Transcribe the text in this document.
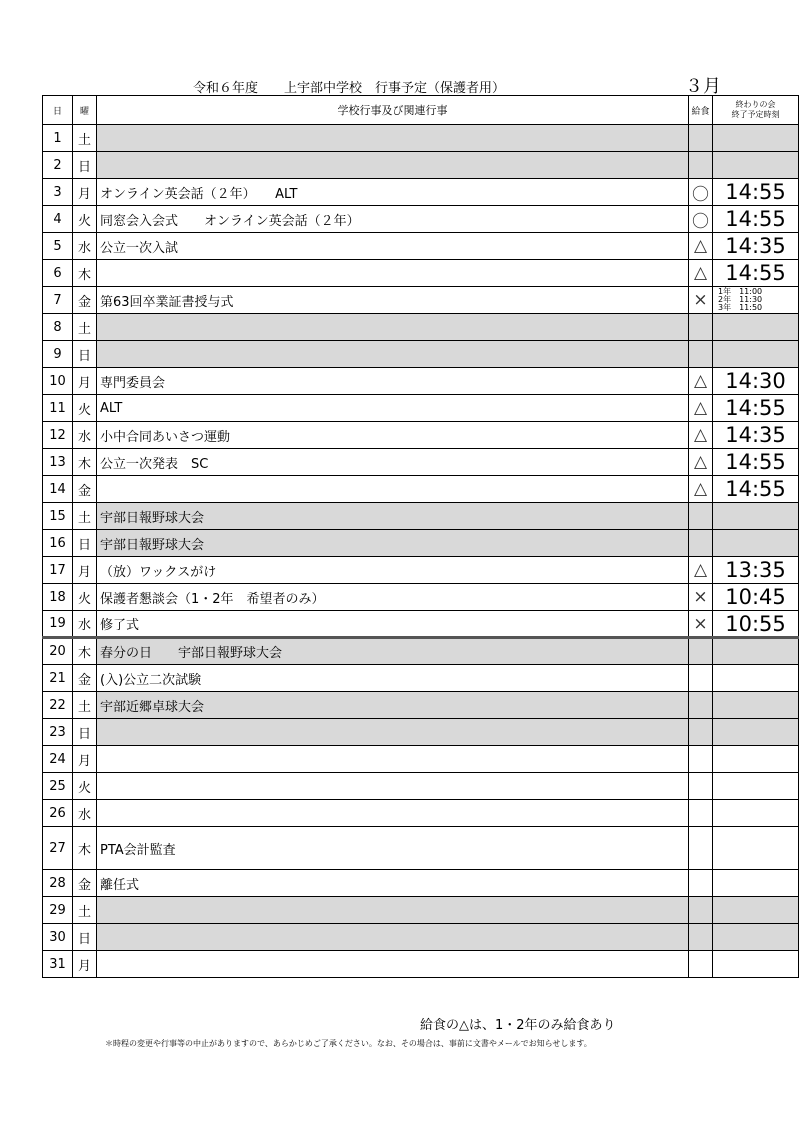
令和６年度　　上宇部中学校　行事予定（保護者用）	３月
日	曜	学校行事及び関連行事	給食	終わりの会
終了予定時刻
1	土			
2	日			
3	月	オンライン英会話（２年）　　ALT	〇	14:55
4	火	同窓会入会式　　オンライン英会話（２年）	〇	14:55
5	水	公立一次入試	△	14:35
6	木		△	14:55
7	金	第63回卒業証書授与式	×	1年　11:00
2年　11:30
3年　11:50
8	土			
9	日			
10	月	専門委員会	△	14:30
11	火	ALT	△	14:55
12	水	小中合同あいさつ運動	△	14:35
13	木	公立一次発表　SC	△	14:55
14	金		△	14:55
15	土	宇部日報野球大会		
16	日	宇部日報野球大会		
17	月	（放）ワックスがけ	△	13:35
18	火	保護者懇談会（1・2年　希望者のみ）	×	10:45
19	水	修了式	×	10:55
20	木	春分の日　　宇部日報野球大会		
21	金	(入)公立二次試験		
22	土	宇部近郷卓球大会		
23	日			
24	月			
25	火			
26	水			
27	木	PTA会計監査		
28	金	離任式		
29	土			
30	日			
31	月			
給食の△は、1・2年のみ給食あり
＊時程の変更や行事等の中止がありますので、あらかじめご了承ください。なお、その場合は、事前に文書やメールでお知らせします。
